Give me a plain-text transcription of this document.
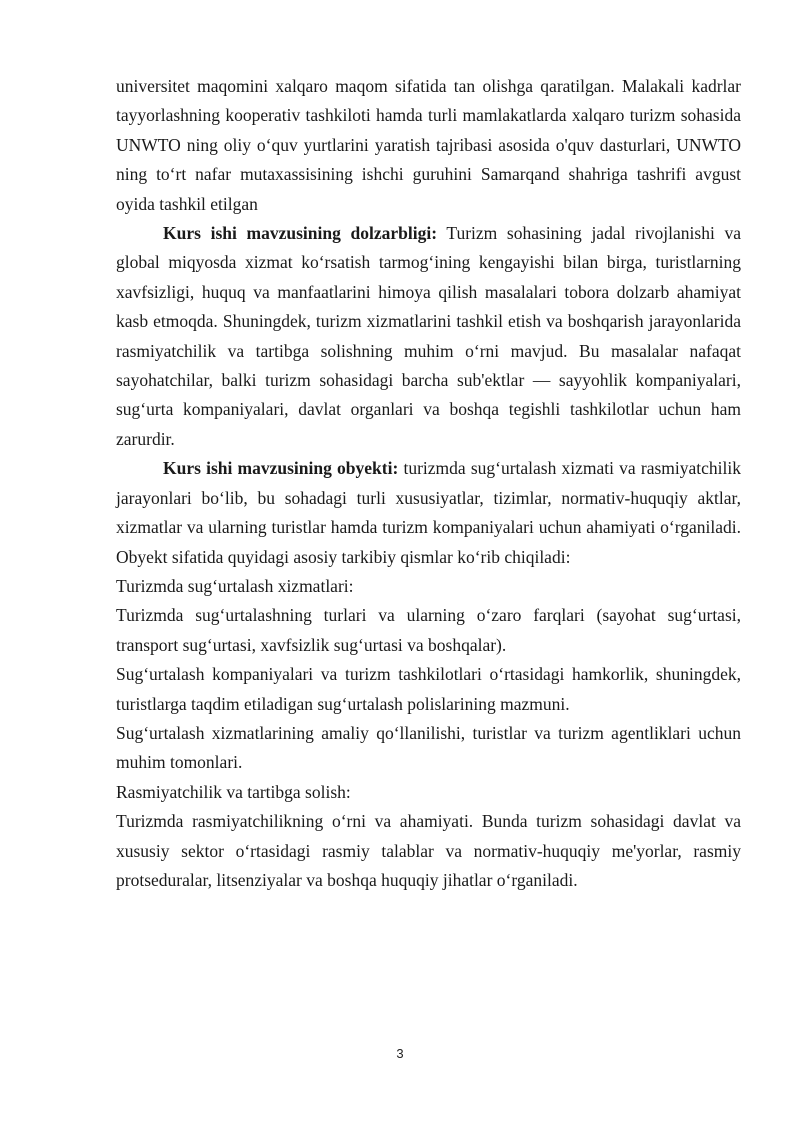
universitet maqomini xalqaro maqom sifatida tan olishga qaratilgan. Malakali kadrlar tayyorlashning kooperativ tashkiloti hamda turli mamlakatlarda xalqaro turizm sohasida UNWTO ning oliy o‘quv yurtlarini yaratish tajribasi asosida o'quv dasturlari, UNWTO ning to‘rt nafar mutaxassisining ishchi guruhini Samarqand shahriga tashrifi avgust oyida tashkil etilgan

Kurs ishi mavzusining dolzarbligi: Turizm sohasining jadal rivojlanishi va global miqyosda xizmat ko‘rsatish tarmog‘ining kengayishi bilan birga, turistlarning xavfsizligi, huquq va manfaatlarini himoya qilish masalalari tobora dolzarb ahamiyat kasb etmoqda. Shuningdek, turizm xizmatlarini tashkil etish va boshqarish jarayonlarida rasmiyatchilik va tartibga solishning muhim o‘rni mavjud. Bu masalalar nafaqat sayohatchilar, balki turizm sohasidagi barcha sub'ektlar — sayyohlik kompaniyalari, sug‘urta kompaniyalari, davlat organlari va boshqa tegishli tashkilotlar uchun ham zarurdir.

Kurs ishi mavzusining obyekti: turizmda sug‘urtalash xizmati va rasmiyatchilik jarayonlari bo‘lib, bu sohadagi turli xususiyatlar, tizimlar, normativ-huquqiy aktlar, xizmatlar va ularning turistlar hamda turizm kompaniyalari uchun ahamiyati o‘rganiladi. Obyekt sifatida quyidagi asosiy tarkibiy qismlar ko‘rib chiqiladi:

Turizmda sug‘urtalash xizmatlari:

Turizmda sug‘urtalashning turlari va ularning o‘zaro farqlari (sayohat sug‘urtasi, transport sug‘urtasi, xavfsizlik sug‘urtasi va boshqalar).

Sug‘urtalash kompaniyalari va turizm tashkilotlari o‘rtasidagi hamkorlik, shuningdek, turistlarga taqdim etiladigan sug‘urtalash polislarining mazmuni.

Sug‘urtalash xizmatlarining amaliy qo‘llanilishi, turistlar va turizm agentliklari uchun muhim tomonlari.

Rasmiyatchilik va tartibga solish:

Turizmda rasmiyatchilikning o‘rni va ahamiyati. Bunda turizm sohasidagi davlat va xususiy sektor o‘rtasidagi rasmiy talablar va normativ-huquqiy me'yorlar, rasmiy protseduralar, litsenziyalar va boshqa huquqiy jihatlar o‘rganiladi.

3
